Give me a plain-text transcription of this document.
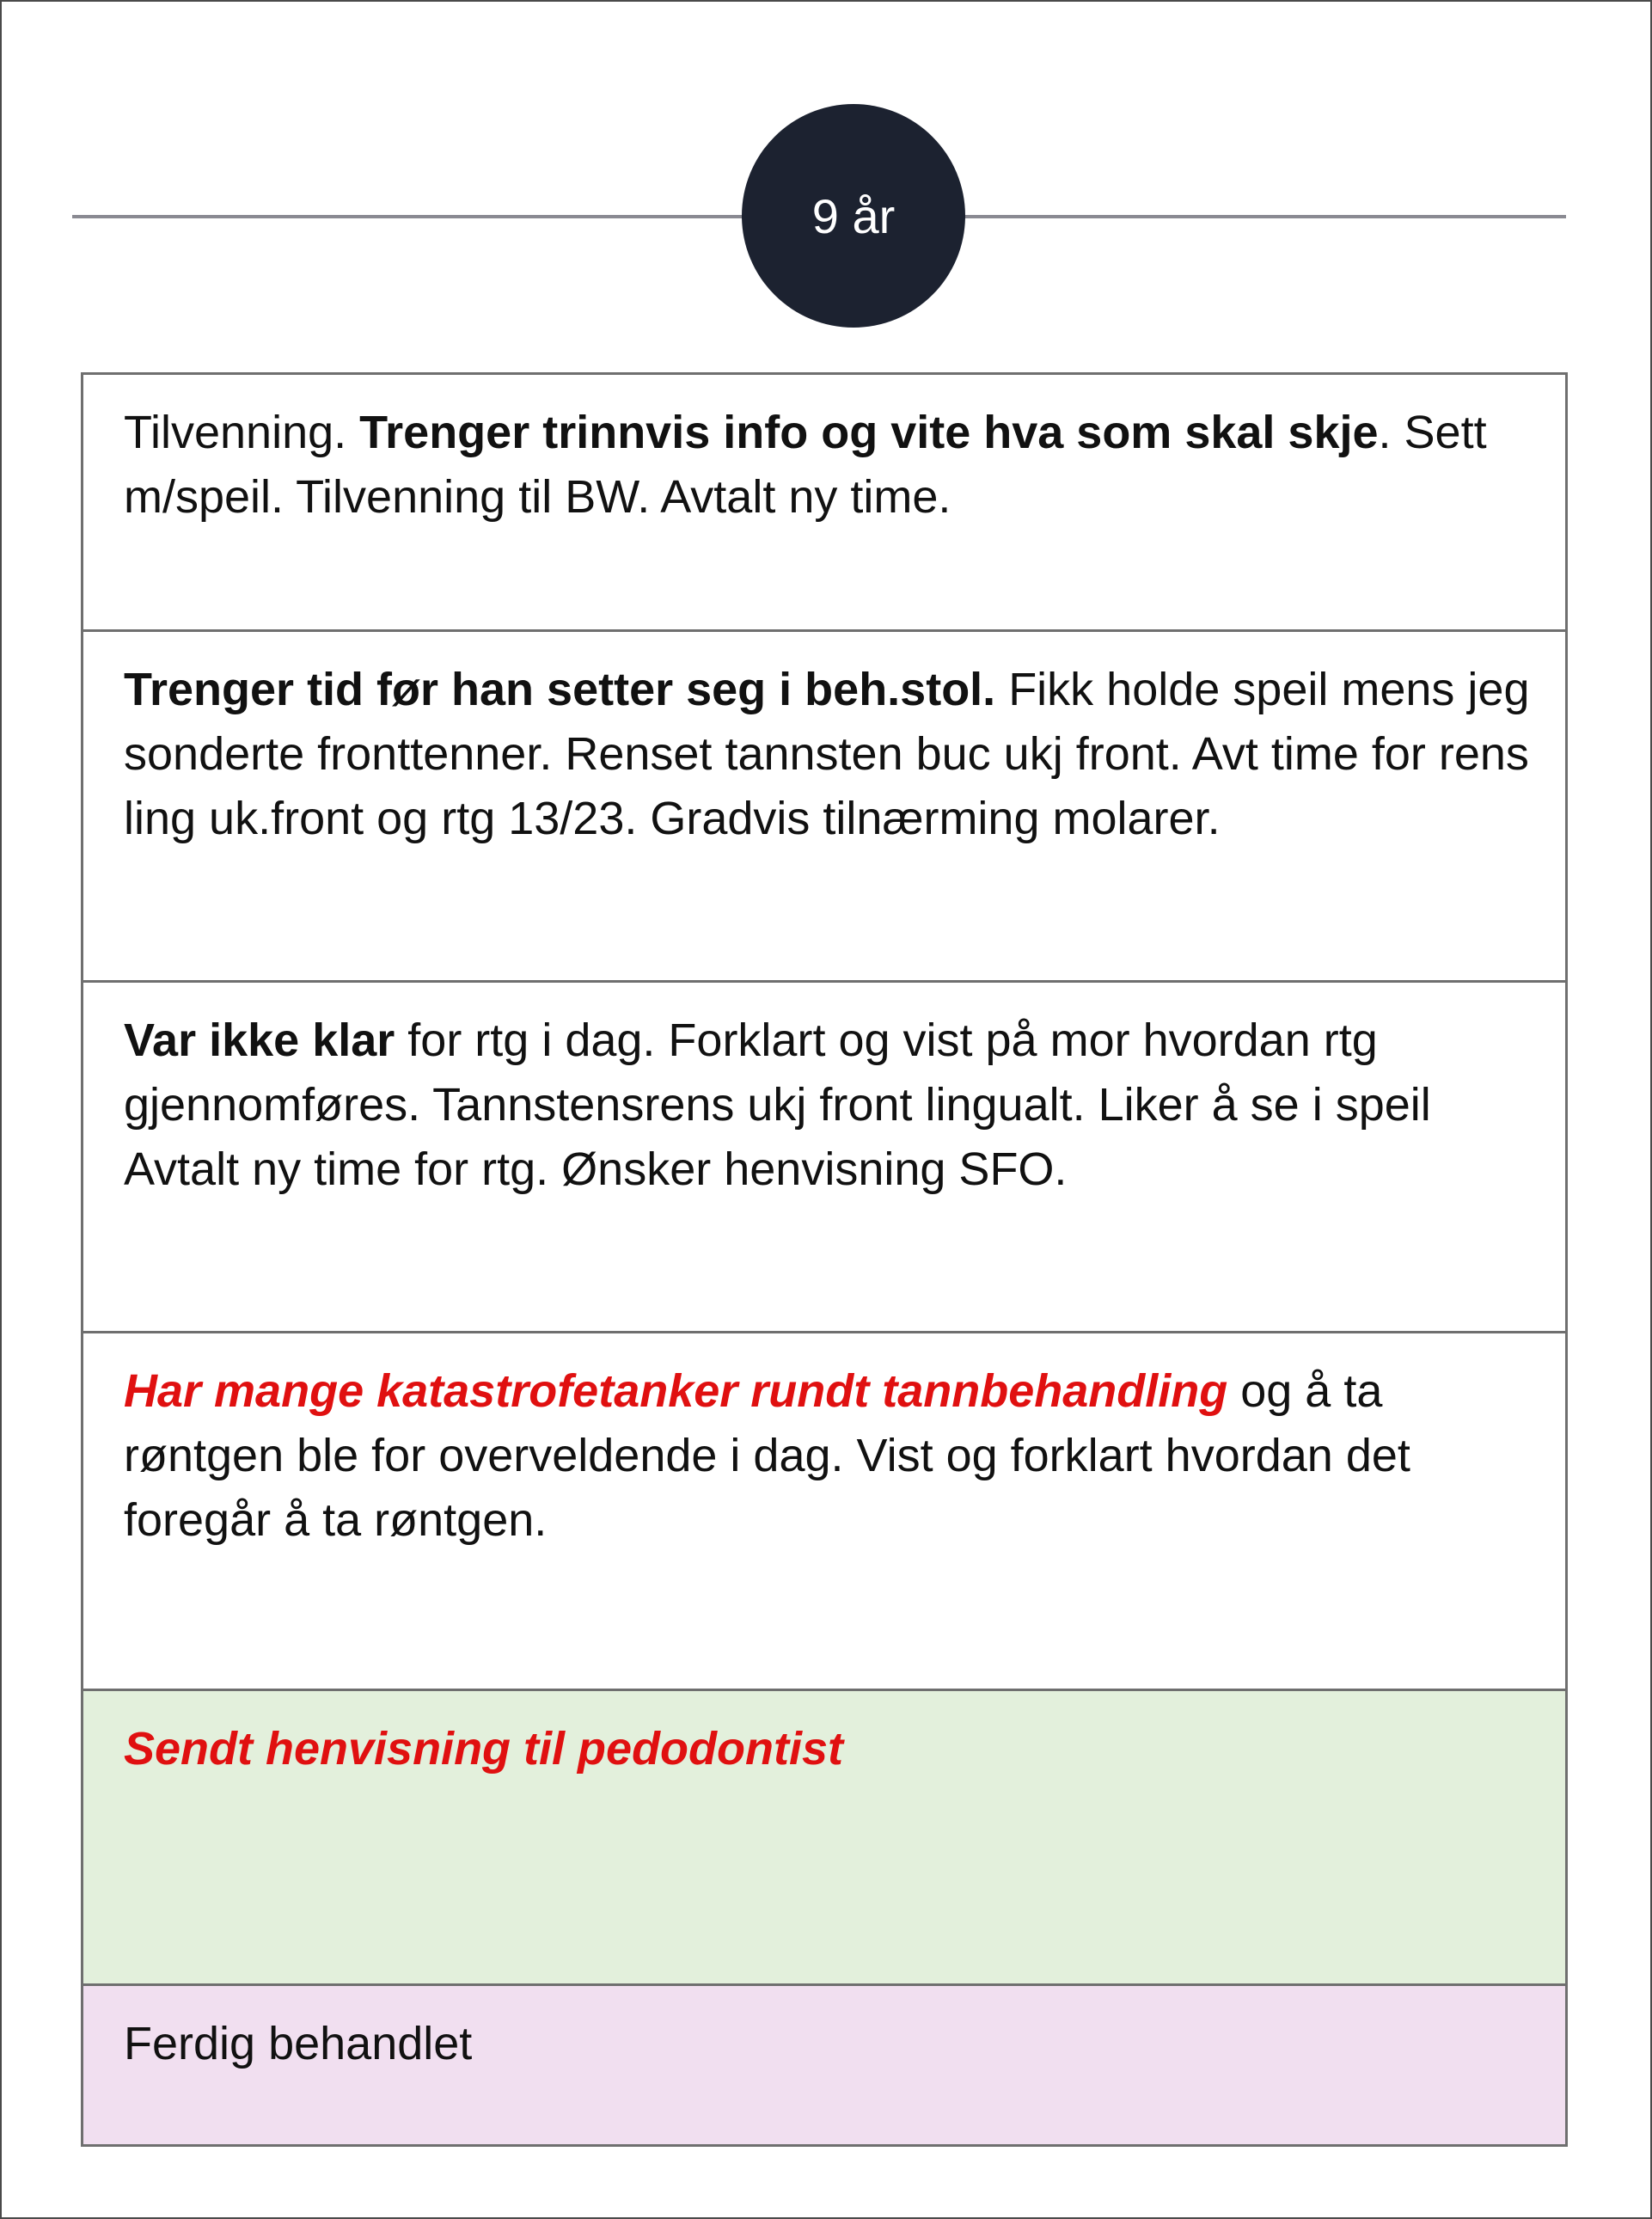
9 år
Tilvenning. Trenger trinnvis info og vite hva som skal skje. Sett m/speil. Tilvenning til BW. Avtalt ny time.
Trenger tid før han setter seg i beh.stol. Fikk holde speil mens jeg sonderte fronttenner. Renset tannsten buc ukj front. Avt time for rens ling uk.front og rtg 13/23. Gradvis tilnærming molarer.
Var ikke klar for rtg i dag. Forklart og vist på mor hvordan rtg gjennomføres. Tannstensrens ukj front lingualt. Liker å se i speil Avtalt ny time for rtg. Ønsker henvisning SFO.
Har mange katastrofetanker rundt tannbehandling og å ta røntgen ble for overveldende i dag. Vist og forklart hvordan det foregår å ta røntgen.
Sendt henvisning til pedodontist
Ferdig behandlet
